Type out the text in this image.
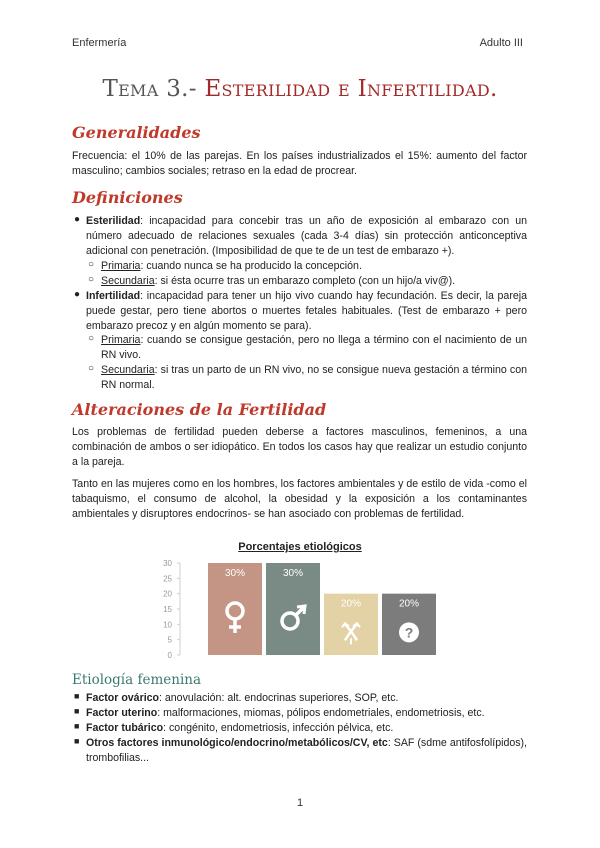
Enfermería	Adulto III
Tema 3.- Esterilidad e Infertilidad.
Generalidades
Frecuencia: el 10% de las parejas. En los países industrializados el 15%: aumento del factor masculino; cambios sociales; retraso en la edad de procrear.
Definiciones
● Esterilidad: incapacidad para concebir tras un año de exposición al embarazo con un número adecuado de relaciones sexuales (cada 3-4 días) sin protección anticonceptiva adicional con penetración. (Imposibilidad de que te de un test de embarazo +).
○ Primaria: cuando nunca se ha producido la concepción.
○ Secundaria: si ésta ocurre tras un embarazo completo (con un hijo/a viv@).
● Infertilidad: incapacidad para tener un hijo vivo cuando hay fecundación. Es decir, la pareja puede gestar, pero tiene abortos o muertes fetales habituales. (Test de embarazo + pero embarazo precoz y en algún momento se para).
○ Primaria: cuando se consigue gestación, pero no llega a término con el nacimiento de un RN vivo.
○ Secundaria: si tras un parto de un RN vivo, no se consigue nueva gestación a término con RN normal.
Alteraciones de la Fertilidad
Los problemas de fertilidad pueden deberse a factores masculinos, femeninos, a una combinación de ambos o ser idiopático. En todos los casos hay que realizar un estudio conjunto a la pareja.
Tanto en las mujeres como en los hombres, los factores ambientales y de estilo de vida -como el tabaquismo, el consumo de alcohol, la obesidad y la exposición a los contaminantes ambientales y disruptores endocrinos- se han asociado con problemas de fertilidad.
Porcentajes etiológicos
0
5
10
15
20
25
30
30%	30%
20%	20%
?
Etiología femenina
■ Factor ovárico: anovulación: alt. endocrinas superiores, SOP, etc.
■ Factor uterino: malformaciones, miomas, pólipos endometriales, endometriosis, etc.
■ Factor tubárico: congénito, endometriosis, infección pélvica, etc.
■ Otros factores inmunológico/endocrino/metabólicos/CV, etc: SAF (sdme antifosfolípidos), trombofilias...
1
